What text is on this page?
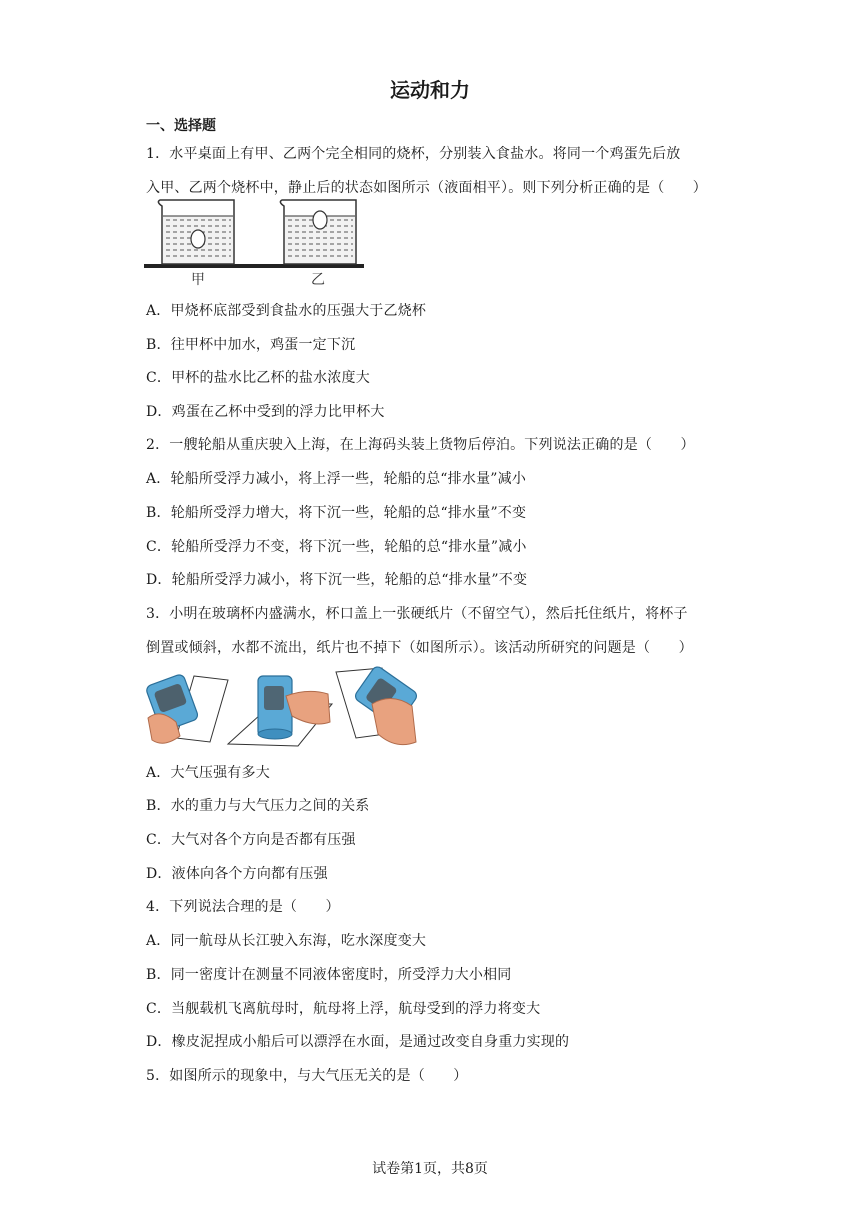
运动和力
一、选择题
1．水平桌面上有甲、乙两个完全相同的烧杯，分别装入食盐水。将同一个鸡蛋先后放
入甲、乙两个烧杯中，静止后的状态如图所示（液面相平）。则下列分析正确的是（　　）
甲	乙
A．甲烧杯底部受到食盐水的压强大于乙烧杯
B．往甲杯中加水，鸡蛋一定下沉
C．甲杯的盐水比乙杯的盐水浓度大
D．鸡蛋在乙杯中受到的浮力比甲杯大
2．一艘轮船从重庆驶入上海，在上海码头装上货物后停泊。下列说法正确的是（　　）
A．轮船所受浮力减小，将上浮一些，轮船的总“排水量”减小
B．轮船所受浮力增大，将下沉一些，轮船的总“排水量”不变
C．轮船所受浮力不变，将下沉一些，轮船的总“排水量”减小
D．轮船所受浮力减小，将下沉一些，轮船的总“排水量”不变
3．小明在玻璃杯内盛满水，杯口盖上一张硬纸片（不留空气），然后托住纸片，将杯子
倒置或倾斜，水都不流出，纸片也不掉下（如图所示）。该活动所研究的问题是（　　）
A．大气压强有多大
B．水的重力与大气压力之间的关系
C．大气对各个方向是否都有压强
D．液体向各个方向都有压强
4．下列说法合理的是（　　）
A．同一航母从长江驶入东海，吃水深度变大
B．同一密度计在测量不同液体密度时，所受浮力大小相同
C．当舰载机飞离航母时，航母将上浮，航母受到的浮力将变大
D．橡皮泥捏成小船后可以漂浮在水面，是通过改变自身重力实现的
5．如图所示的现象中，与大气压无关的是（　　）
试卷第1页，共8页
